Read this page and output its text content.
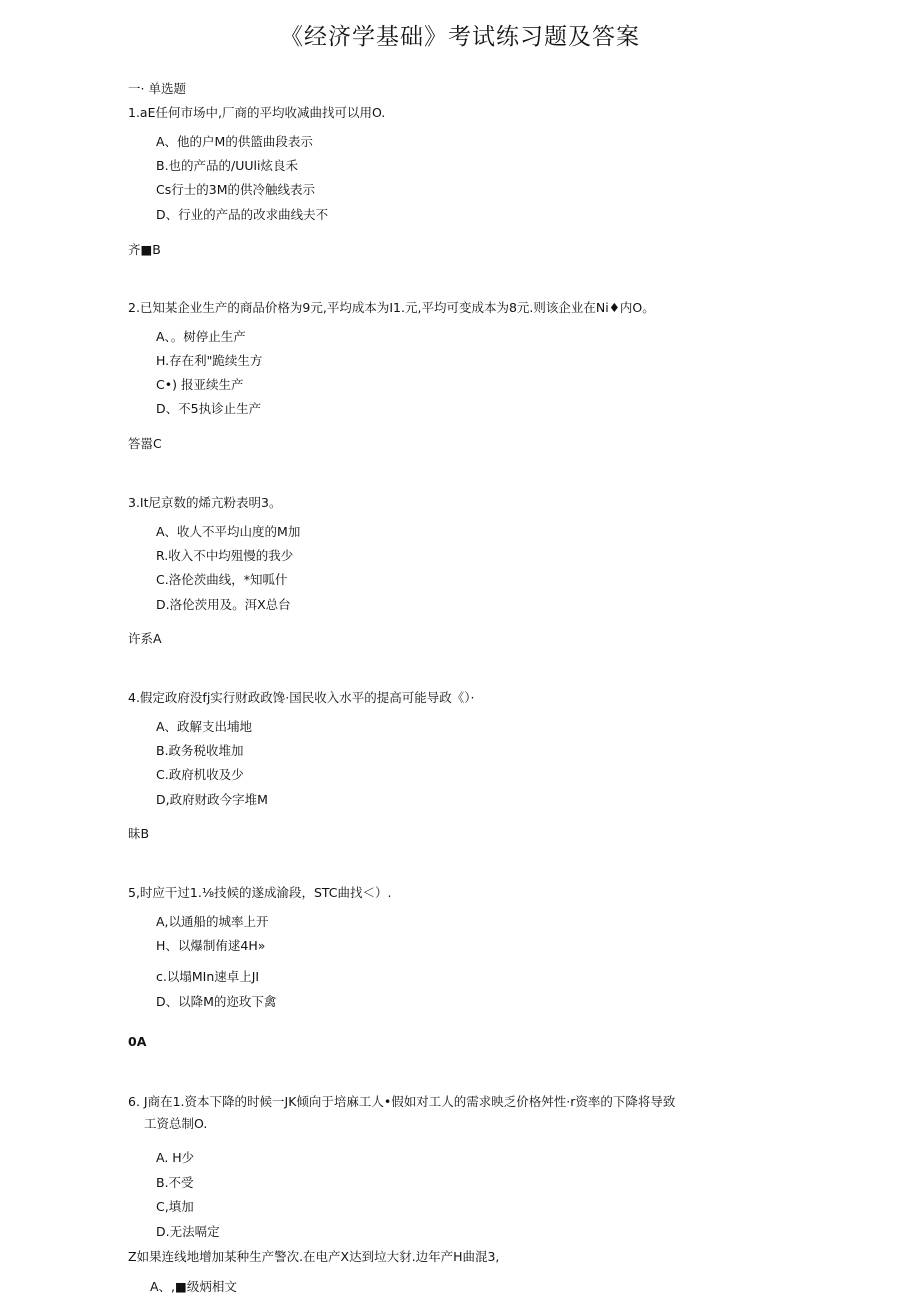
《经济学基础》考试练习题及答案
一· 单选题
1.aE任何市场中,厂商的平均收减曲找可以用O.
A、他的户M的供篮曲段表示
B.也的产品的/UUli炫良禾
Cs行士的3M的供冷触线表示
D、行业的产品的改求曲线夫不
齐■B
2.已知某企业生产的商品价格为9元,平均成本为I1.元,平均可变成本为8元.则该企业在Ni♦内O。
A、。树停止生产
H.存在利"跪续生方
C•) 报亚续生产
D、不5执诊止生产
答嚣C
3.It尼京数的烯亢粉表明3。
A、收人不平均山度的M加
R.收入不中均殂慢的我少
C.洛伦茨曲线，*知呱什
D.洛伦茨用及。洱X总台
许系A
4.假定政府没fj实行财政政馋·国民收入水平的提高可能导政《）·
A、政解支出埔地
B.政务税收堆加
C.政府机收及少
D,政府财政今字堆M
昧B
5,时应干过1.⅛技候的遂成渝段，STC曲找＜）.
A,以通船的城率上开
H、以爆制侑逑4H»
c.以塌MIn速卓上JI
D、以降M的迩玫下禽
0A
6. J商在1.资本下降的时候一JK倾向于培麻工人•假如对工人的需求映乏价格舛性·r资率的下降将导致
工资总制O.
A. H少
B.不受
C,填加
D.无法嗝定
Z如果连线地增加某种生产警次.在电产X达到垃大豺.边年产H曲混3,
A、,■级炳相文
